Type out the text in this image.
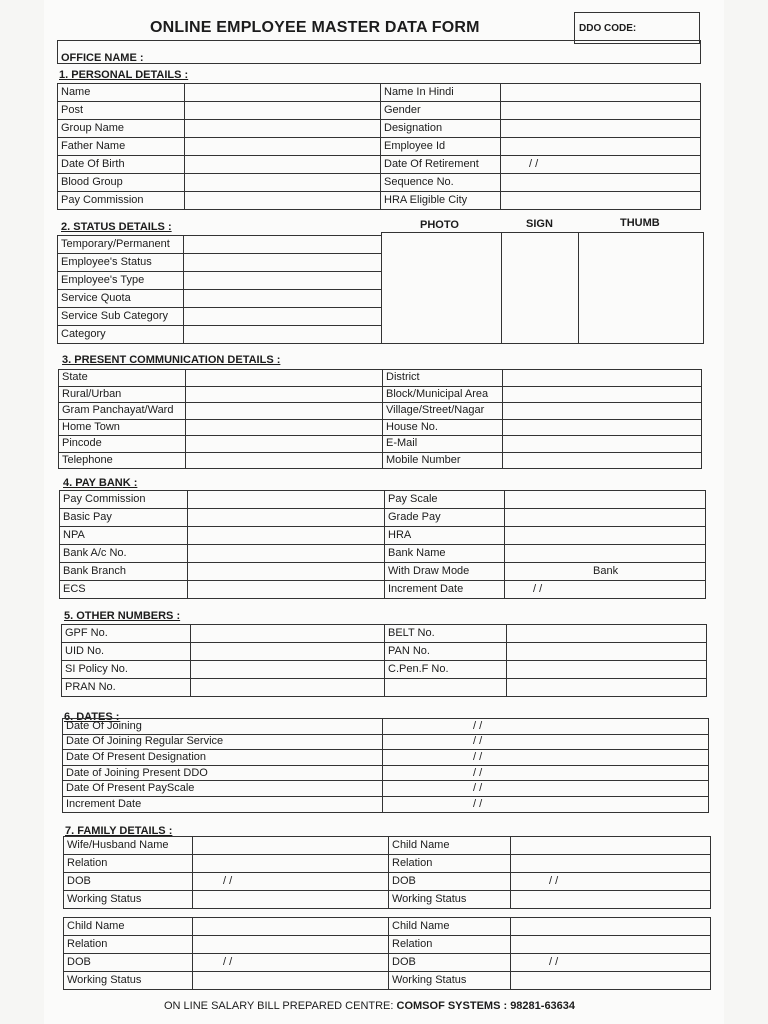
ONLINE EMPLOYEE MASTER DATA FORM	DDO CODE:
OFFICE NAME :
1. PERSONAL DETAILS :
2. STATUS DETAILS :
3. PRESENT COMMUNICATION DETAILS :
4. PAY BANK :
5. OTHER NUMBERS :
6. DATES :
7. FAMILY DETAILS :
PHOTO	SIGN	THUMB
Name		Name In Hindi	
Post		Gender	
Group Name		Designation	
Father Name		Employee Id	
Date Of Birth		Date Of Retirement	/ /
Blood Group		Sequence No.	
Pay Commission		HRA Eligible City	
Temporary/Permanent	
Employee's Status	
Employee's Type	
Service Quota	
Service Sub Category	
Category	
State		District	
Rural/Urban		Block/Municipal Area	
Gram Panchayat/Ward		Village/Street/Nagar	
Home Town		House No.	
Pincode		E-Mail	
Telephone		Mobile Number	
Pay Commission		Pay Scale	
Basic Pay		Grade Pay	
NPA		HRA	
Bank A/c No.		Bank Name	
Bank Branch		With Draw Mode	Bank
ECS		Increment Date	/ /
GPF No.		BELT No.	
UID No.		PAN No.	
SI Policy No.		C.Pen.F No.	
PRAN No.			
Date Of Joining	/ /
Date Of Joining Regular Service	/ /
Date Of Present Designation	/ /
Date of Joining Present DDO	/ /
Date Of Present PayScale	/ /
Increment Date	/ /
Wife/Husband Name		Child Name	
Relation		Relation	
DOB	/ /	DOB	/ /
Working Status		Working Status	
Child Name		Child Name	
Relation		Relation	
DOB	/ /	DOB	/ /
Working Status		Working Status	

ON LINE SALARY BILL PREPARED CENTRE: COMSOF SYSTEMS : 98281-63634
